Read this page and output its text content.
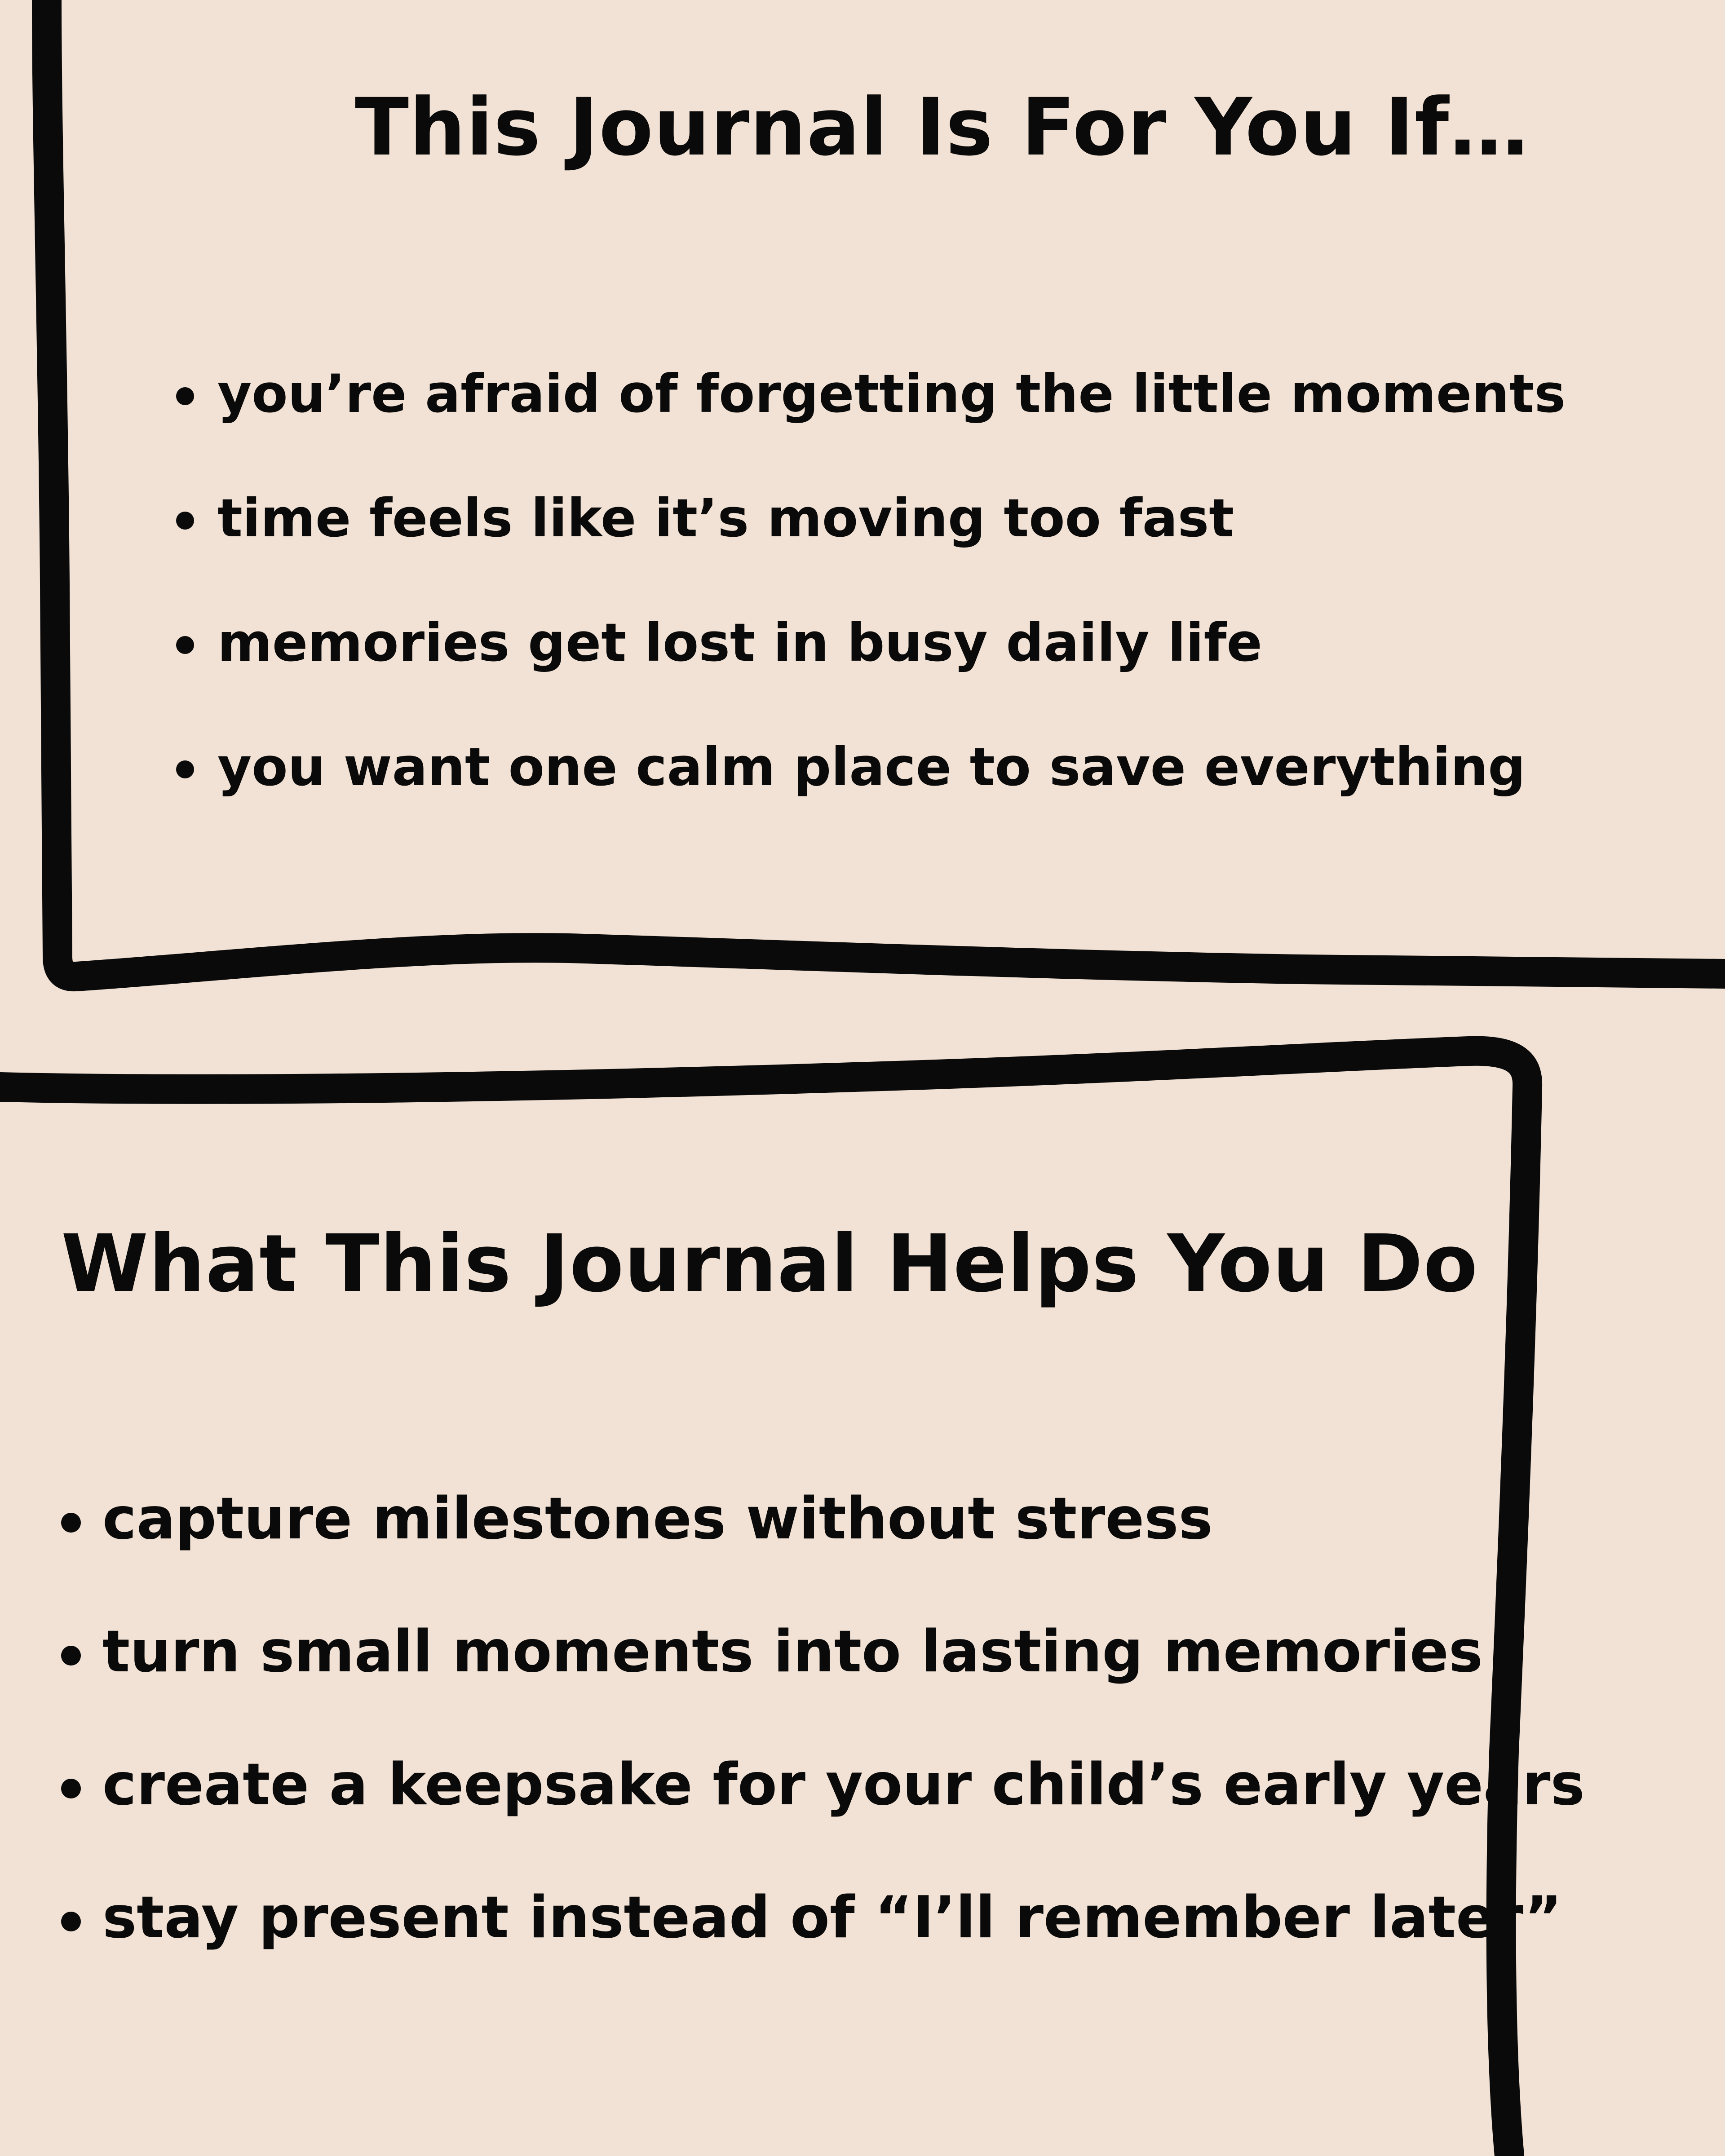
This Journal Is For You If…
you’re afraid of forgetting the little moments
time feels like it’s moving too fast
memories get lost in busy daily life
you want one calm place to save everything
What This Journal Helps You Do
capture milestones without stress
turn small moments into lasting memories
create a keepsake for your child’s early years
stay present instead of “I’ll remember later”
